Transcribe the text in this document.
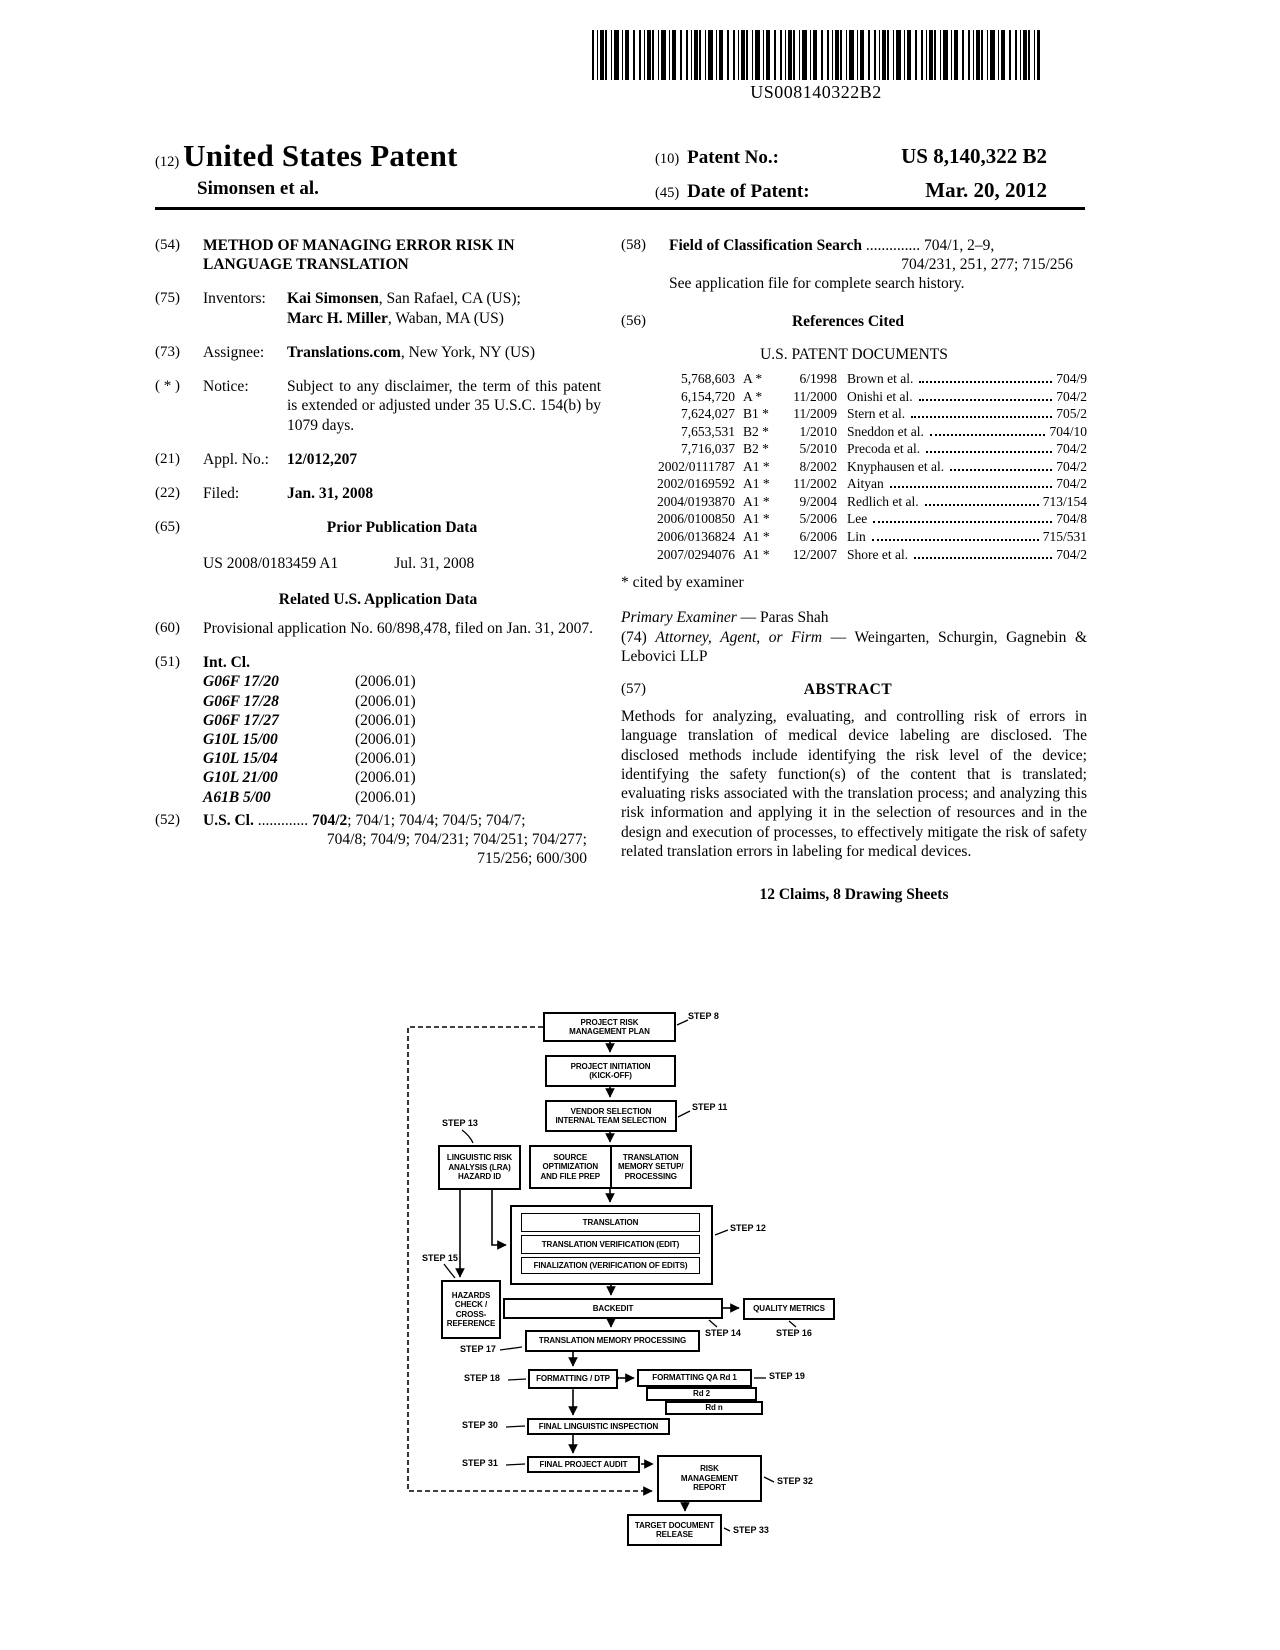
US008140322B2
(12) United States Patent
Simonsen et al.
(10) Patent No.:	US 8,140,322 B2
(45) Date of Patent:	Mar. 20, 2012
(54)	METHOD OF MANAGING ERROR RISK IN LANGUAGE TRANSLATION
(75)	Inventors:	Kai Simonsen, San Rafael, CA (US);
Marc H. Miller, Waban, MA (US)
(73)	Assignee:	Translations.com, New York, NY (US)
( * )	Notice:	Subject to any disclaimer, the term of this patent is extended or adjusted under 35 U.S.C. 154(b) by 1079 days.
(21)	Appl. No.:	12/012,207
(22)	Filed:	Jan. 31, 2008
(65)	Prior Publication Data
US 2008/0183459 A1	Jul. 31, 2008
Related U.S. Application Data
(60)	Provisional application No. 60/898,478, filed on Jan. 31, 2007.
(51)	Int. Cl.
G06F 17/20	(2006.01)
G06F 17/28	(2006.01)
G06F 17/27	(2006.01)
G10L 15/00	(2006.01)
G10L 15/04	(2006.01)
G10L 21/00	(2006.01)
A61B 5/00	(2006.01)
(52)	U.S. Cl. ............. 704/2; 704/1; 704/4; 704/5; 704/7;
704/8; 704/9; 704/231; 704/251; 704/277;
715/256; 600/300
(58)	Field of Classification Search .............. 704/1, 2–9,
704/231, 251, 277; 715/256
See application file for complete search history.
(56)	References Cited
U.S. PATENT DOCUMENTS
5,768,603 A *	6/1998 Brown et al.	704/9
6,154,720 A *	11/2000 Onishi et al.	704/2
7,624,027 B1 *	11/2009 Stern et al.	705/2
7,653,531 B2 *	1/2010 Sneddon et al.	704/10
7,716,037 B2 *	5/2010 Precoda et al.	704/2
2002/0111787 A1 *	8/2002 Knyphausen et al.	704/2
2002/0169592 A1 *	11/2002 Aityan	704/2
2004/0193870 A1 *	9/2004 Redlich et al.	713/154
2006/0100850 A1 *	5/2006 Lee	704/8
2006/0136824 A1 *	6/2006 Lin	715/531
2007/0294076 A1 *	12/2007 Shore et al.	704/2
* cited by examiner
Primary Examiner — Paras Shah
(74) Attorney, Agent, or Firm — Weingarten, Schurgin, Gagnebin & Lebovici LLP
(57)	ABSTRACT
Methods for analyzing, evaluating, and controlling risk of errors in language translation of medical device labeling are disclosed. The disclosed methods include identifying the risk level of the device; identifying the safety function(s) of the content that is translated; evaluating risks associated with the translation process; and analyzing this risk information and applying it in the selection of resources and in the design and execution of processes, to effectively mitigate the risk of safety related translation errors in labeling for medical devices.
12 Claims, 8 Drawing Sheets
PROJECT RISK
MANAGEMENT PLAN
PROJECT INITIATION
(KICK-OFF)
VENDOR SELECTION
INTERNAL TEAM SELECTION
LINGUISTIC RISK
ANALYSIS (LRA)
HAZARD ID
SOURCE
OPTIMIZATION
AND FILE PREP
TRANSLATION
MEMORY SETUP/
PROCESSING
TRANSLATION
TRANSLATION VERIFICATION (EDIT)
FINALIZATION (VERIFICATION OF EDITS)
HAZARDS
CHECK /
CROSS-
REFERENCE
BACKEDIT	QUALITY METRICS
TRANSLATION MEMORY PROCESSING
FORMATTING / DTP	FORMATTING QA Rd 1
Rd 2
Rd n
FINAL LINGUISTIC INSPECTION
FINAL PROJECT AUDIT
RISK
MANAGEMENT
REPORT
TARGET DOCUMENT
RELEASE
STEP 8
STEP 11
STEP 13
STEP 12
STEP 15
STEP 14	STEP 16
STEP 17
STEP 18	STEP 19
STEP 30
STEP 31
STEP 32
STEP 33
